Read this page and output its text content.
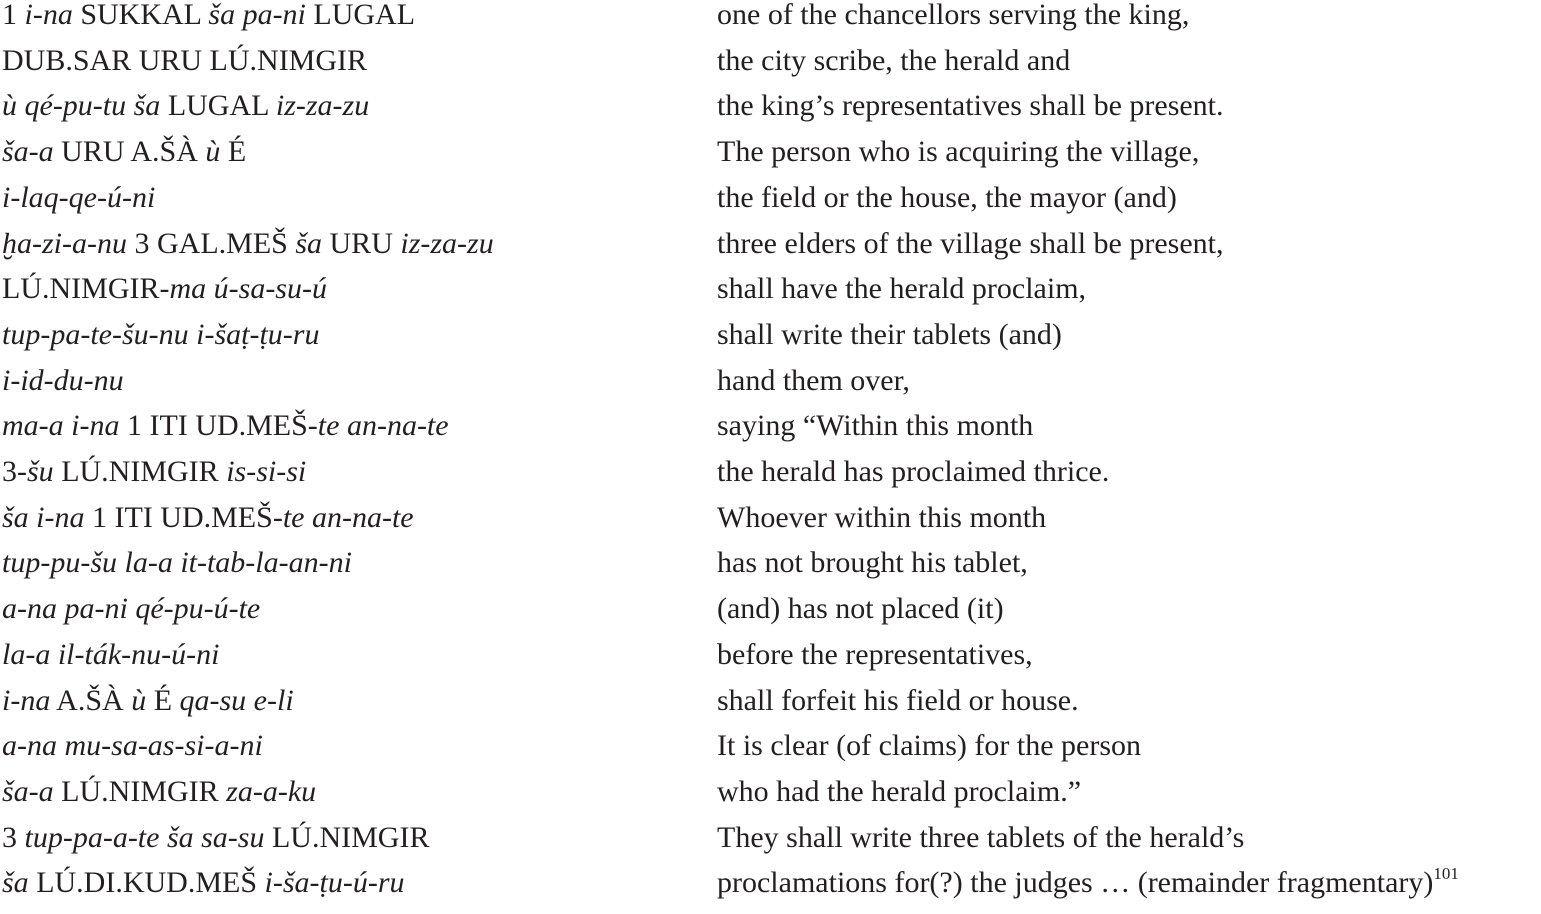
1 i-na SUKKAL ša pa-ni LUGAL	one of the chancellors serving the king,
DUB.SAR URU LÚ.NIMGIR	the city scribe, the herald and
ù qé-pu-tu ša LUGAL iz-za-zu	the king’s representatives shall be present.
ša-a URU A.ŠÀ ù É	The person who is acquiring the village,
i-laq-qe-ú-ni	the field or the house, the mayor (and)
ḫa-zi-a-nu 3 GAL.MEŠ ša URU iz-za-zu	three elders of the village shall be present,
LÚ.NIMGIR-ma ú-sa-su-ú	shall have the herald proclaim,
tup-pa-te-šu-nu i-šaṭ-ṭu-ru	shall write their tablets (and)
i-id-du-nu	hand them over,
ma-a i-na 1 ITI UD.MEŠ-te an-na-te	saying “Within this month
3-šu LÚ.NIMGIR is-si-si	the herald has proclaimed thrice.
ša i-na 1 ITI UD.MEŠ-te an-na-te	Whoever within this month
tup-pu-šu la-a it-tab-la-an-ni	has not brought his tablet,
a-na pa-ni qé-pu-ú-te	(and) has not placed (it)
la-a il-ták-nu-ú-ni	before the representatives,
i-na A.ŠÀ ù É qa-su e-li	shall forfeit his field or house.
a-na mu-sa-as-si-a-ni	It is clear (of claims) for the person
ša-a LÚ.NIMGIR za-a-ku	who had the herald proclaim.”
3 tup-pa-a-te ša sa-su LÚ.NIMGIR	They shall write three tablets of the herald’s
ša LÚ.DI.KUD.MEŠ i-ša-ṭu-ú-ru	proclamations for(?) the judges … (remainder fragmentary)$^{101}$
